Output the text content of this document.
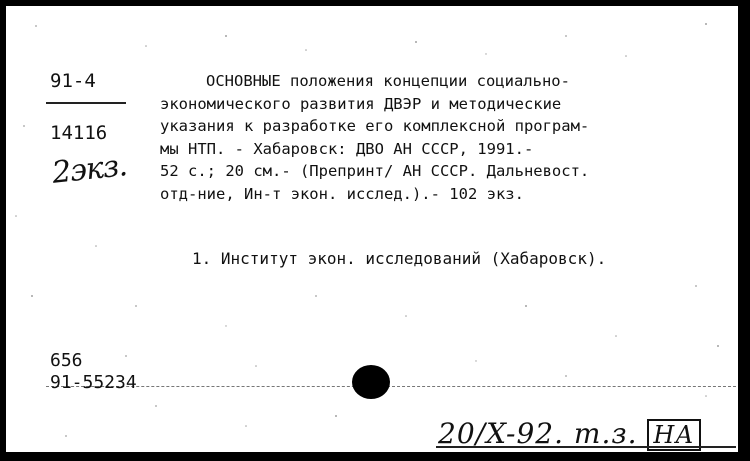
91-4
14116
2экз.
ОСНОВНЫЕ положения концепции социально-
экономического развития ДВЭР и методические
указания к разработке его комплексной програм-
мы НТП. - Хабаровск: ДВО АН СССР, 1991.-
52 с.; 20 см.- (Препринт/ АН СССР. Дальневост.
отд-ние, Ин-т экон. исслед.).- 102 экз.
1. Институт экон. исследований (Хабаровск).
656
91-55234
20/X-92. т.з. НА
